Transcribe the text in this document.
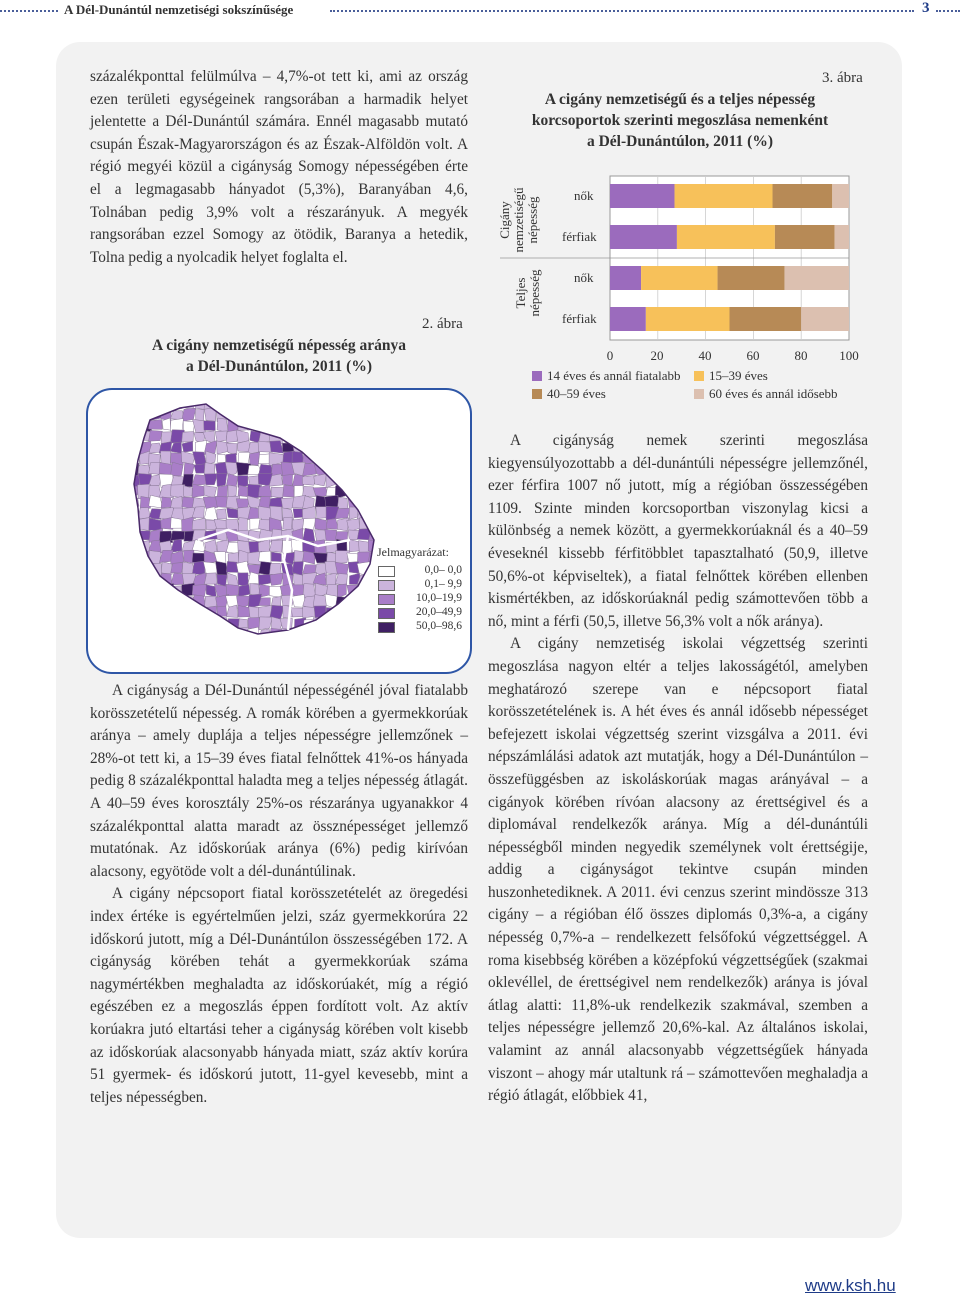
A Dél-Dunántúl nemzetiségi sokszínűsége	3

százalékponttal felülmúlva – 4,7%-ot tett ki, ami az ország ezen területi egységeinek rangsorában a harmadik helyet jelentette a Dél-Dunántúl számára. Ennél magasabb mutató csupán Észak-Magyarországon és az Észak-Alföldön volt. A régió megyéi közül a cigányság Somogy népességében érte el a legmagasabb hányadot (5,3%), Baranyában 4,6, Tolnában pedig 3,9% volt a részarányuk. A megyék rangsorában ezzel Somogy az ötödik, Baranya a hetedik, Tolna pedig a nyolcadik helyet foglalta el.

2. ábra
A cigány nemzetiségű népesség aránya
a Dél-Dunántúlon, 2011 (%)
Jelmagyarázat:
0,0– 0,0
0,1– 9,9
10,0–19,9
20,0–49,9
50,0–98,6

A cigányság a Dél-Dunántúl népességénél jóval fiatalabb korösszetételű népesség. A romák körében a gyermekkorúak aránya – amely duplája a teljes népességre jellemzőnek – 28%-ot tett ki, a 15–39 éves fiatal felnőttek 41%-os hányada pedig 8 százalékponttal haladta meg a teljes népesség átlagát. A 40–59 éves korosztály 25%-os részaránya ugyanakkor 4 százalékponttal alatta maradt az össznépességet jellemző mutatónak. Az időskorúak aránya (6%) pedig kirívóan alacsony, egyötöde volt a dél-dunántúlinak.

A cigány népcsoport fiatal korösszetételét az öregedési index értéke is egyértelműen jelzi, száz gyermekkorúra 22 időskorú jutott, míg a Dél-Dunántúlon összességében 172. A cigányság körében tehát a gyermekkorúak száma nagymértékben meghaladta az időskorúakét, míg a régió egészében ez a megoszlás éppen fordított volt. Az aktív korúakra jutó eltartási teher a cigányság körében volt kisebb az időskorúak alacsonyabb hányada miatt, száz aktív korúra 51 gyermek- és időskorú jutott, 11-gyel kevesebb, mint a teljes népességben.

3. ábra
A cigány nemzetiségű és a teljes népesség
korcsoportok szerinti megoszlása nemenként
a Dél-Dunántúlon, 2011 (%)
Cigány nemzetiségű népesség
Teljes népesség
nők
férfiak
nők
férfiak
0	20	40	60	80	100
14 éves és annál fiatalabb	15–39 éves
40–59 éves	60 éves és annál idősebb

A cigányság nemek szerinti megoszlása kiegyensúlyozottabb a dél-dunántúli népességre jellemzőnél, ezer férfira 1007 nő jutott, míg a régióban összességében 1109. Szinte minden korcsoportban viszonylag kicsi a különbség a nemek között, a gyermekkorúaknál és a 40–59 éveseknél kissebb férfitöbblet tapasztalható (50,9, illetve 50,6%-ot képviseltek), a fiatal felnőttek körében ellenben kismértékben, az időskorúaknál pedig számottevően több a nő, mint a férfi (50,5, illetve 56,3% volt a nők aránya).

A cigány nemzetiség iskolai végzettség szerinti megoszlása nagyon eltér a teljes lakosságétól, amelyben meghatározó szerepe van e népcsoport fiatal korösszetételének is. A hét éves és annál idősebb népességet befejezett iskolai végzettség szerint vizsgálva a 2011. évi népszámlálási adatok azt mutatják, hogy a Dél-Dunántúlon – összefüggésben az iskoláskorúak magas arányával – a cigányok körében rívóan alacsony az érettségivel és a diplomával rendelkezők aránya. Míg a dél-dunántúli népességből minden negyedik személynek volt érettségije, addig a cigányságot tekintve csupán minden huszonhetediknek. A 2011. évi cenzus szerint mindössze 313 cigány – a régióban élő összes diplomás 0,3%-a, a cigány népesség 0,7%-a – rendelkezett felsőfokú végzettséggel. A roma kisebbség körében a középfokú végzettségűek (szakmai oklevéllel, de érettségivel nem rendelkezők) aránya is jóval átlag alatti: 11,8%-uk rendelkezik szakmával, szemben a teljes népességre jellemző 20,6%-kal. Az általános iskolai, valamint az annál alacsonyabb végzettségűek hányada viszont – ahogy már utaltunk rá – számottevően meghaladja a régió átlagát, előbbiek 41,

www.ksh.hu
